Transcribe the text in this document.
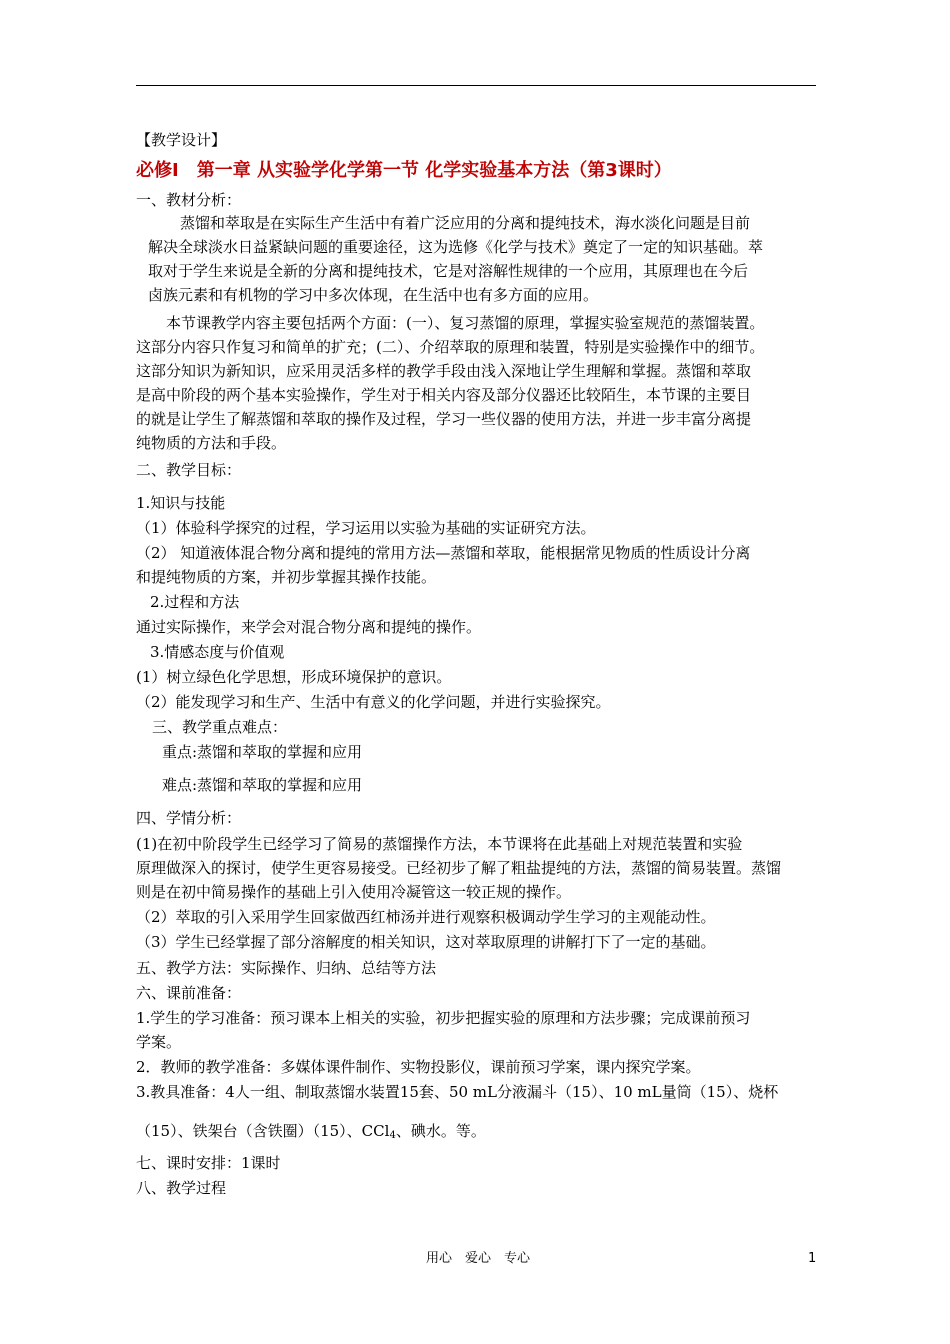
【教学设计】
必修I　第一章 从实验学化学第一节 化学实验基本方法（第3课时）
一、教材分析：
蒸馏和萃取是在实际生产生活中有着广泛应用的分离和提纯技术，海水淡化问题是目前
解决全球淡水日益紧缺问题的重要途径，这为选修《化学与技术》奠定了一定的知识基础。萃
取对于学生来说是全新的分离和提纯技术，它是对溶解性规律的一个应用，其原理也在今后
卤族元素和有机物的学习中多次体现，在生活中也有多方面的应用。
本节课教学内容主要包括两个方面：(一）、复习蒸馏的原理，掌握实验室规范的蒸馏装置。
这部分内容只作复习和简单的扩充；(二）、介绍萃取的原理和装置，特别是实验操作中的细节。
这部分知识为新知识，应采用灵活多样的教学手段由浅入深地让学生理解和掌握。蒸馏和萃取
是高中阶段的两个基本实验操作，学生对于相关内容及部分仪器还比较陌生，本节课的主要目
的就是让学生了解蒸馏和萃取的操作及过程，学习一些仪器的使用方法，并进一步丰富分离提
纯物质的方法和手段。
二、教学目标：
1.知识与技能
（1）体验科学探究的过程，学习运用以实验为基础的实证研究方法。
（2） 知道液体混合物分离和提纯的常用方法—蒸馏和萃取，能根据常见物质的性质设计分离
和提纯物质的方案，并初步掌握其操作技能。
2.过程和方法
通过实际操作，来学会对混合物分离和提纯的操作。
3.情感态度与价值观
(1）树立绿色化学思想，形成环境保护的意识。
（2）能发现学习和生产、生活中有意义的化学问题，并进行实验探究。
三、教学重点难点：
重点:蒸馏和萃取的掌握和应用
难点:蒸馏和萃取的掌握和应用
四、学情分析：
(1)在初中阶段学生已经学习了简易的蒸馏操作方法，本节课将在此基础上对规范装置和实验
原理做深入的探讨，使学生更容易接受。已经初步了解了粗盐提纯的方法，蒸馏的简易装置。蒸馏
则是在初中简易操作的基础上引入使用冷凝管这一较正规的操作。
（2）萃取的引入采用学生回家做西红柿汤并进行观察积极调动学生学习的主观能动性。
（3）学生已经掌握了部分溶解度的相关知识，这对萃取原理的讲解打下了一定的基础。
五、教学方法：实际操作、归纳、总结等方法
六、课前准备：
1.学生的学习准备：预习课本上相关的实验，初步把握实验的原理和方法步骤；完成课前预习
学案。
2．教师的教学准备：多媒体课件制作、实物投影仪，课前预习学案，课内探究学案。
3.教具准备：4人一组、制取蒸馏水装置15套、50 mL分液漏斗（15）、10 mL量筒（15）、烧杯
（15）、铁架台（含铁圈）（15）、CCl$_4$、碘水。等。
七、课时安排：1课时
八、教学过程
用心　爱心　专心	1
